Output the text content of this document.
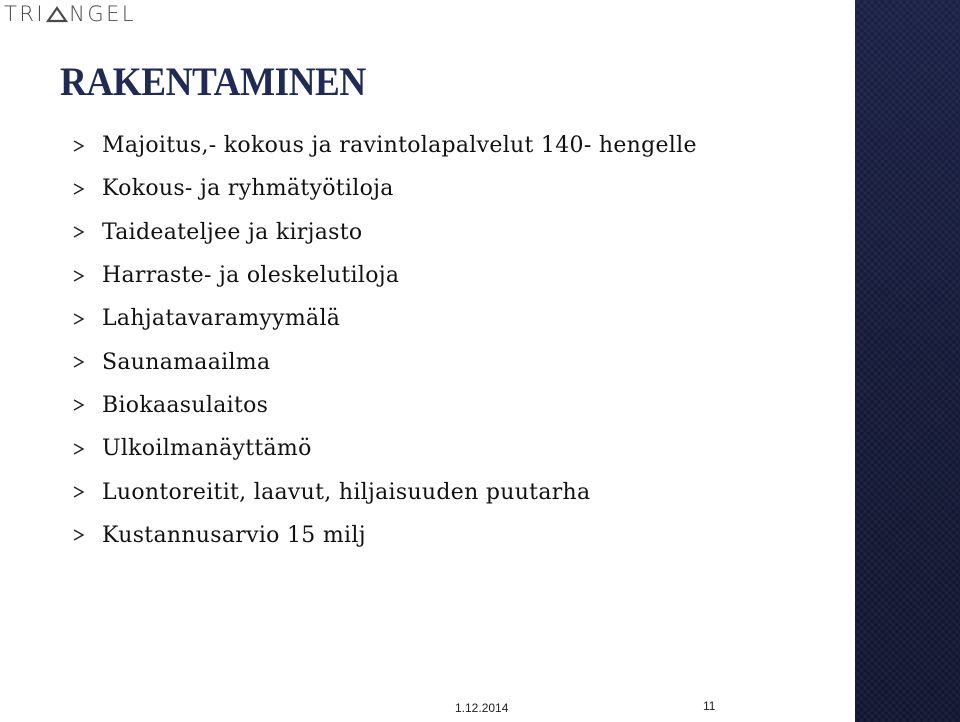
TRI NGEL
RAKENTAMINEN
Majoitus,- kokous ja ravintolapalvelut 140- hengelle
Kokous- ja ryhmätyötiloja
Taideateljee ja kirjasto
Harraste- ja oleskelutiloja
Lahjatavaramyymälä
Saunamaailma
Biokaasulaitos
Ulkoilmanäyttämö
Luontoreitit, laavut, hiljaisuuden puutarha
Kustannusarvio 15 milj
1.12.2014	11
